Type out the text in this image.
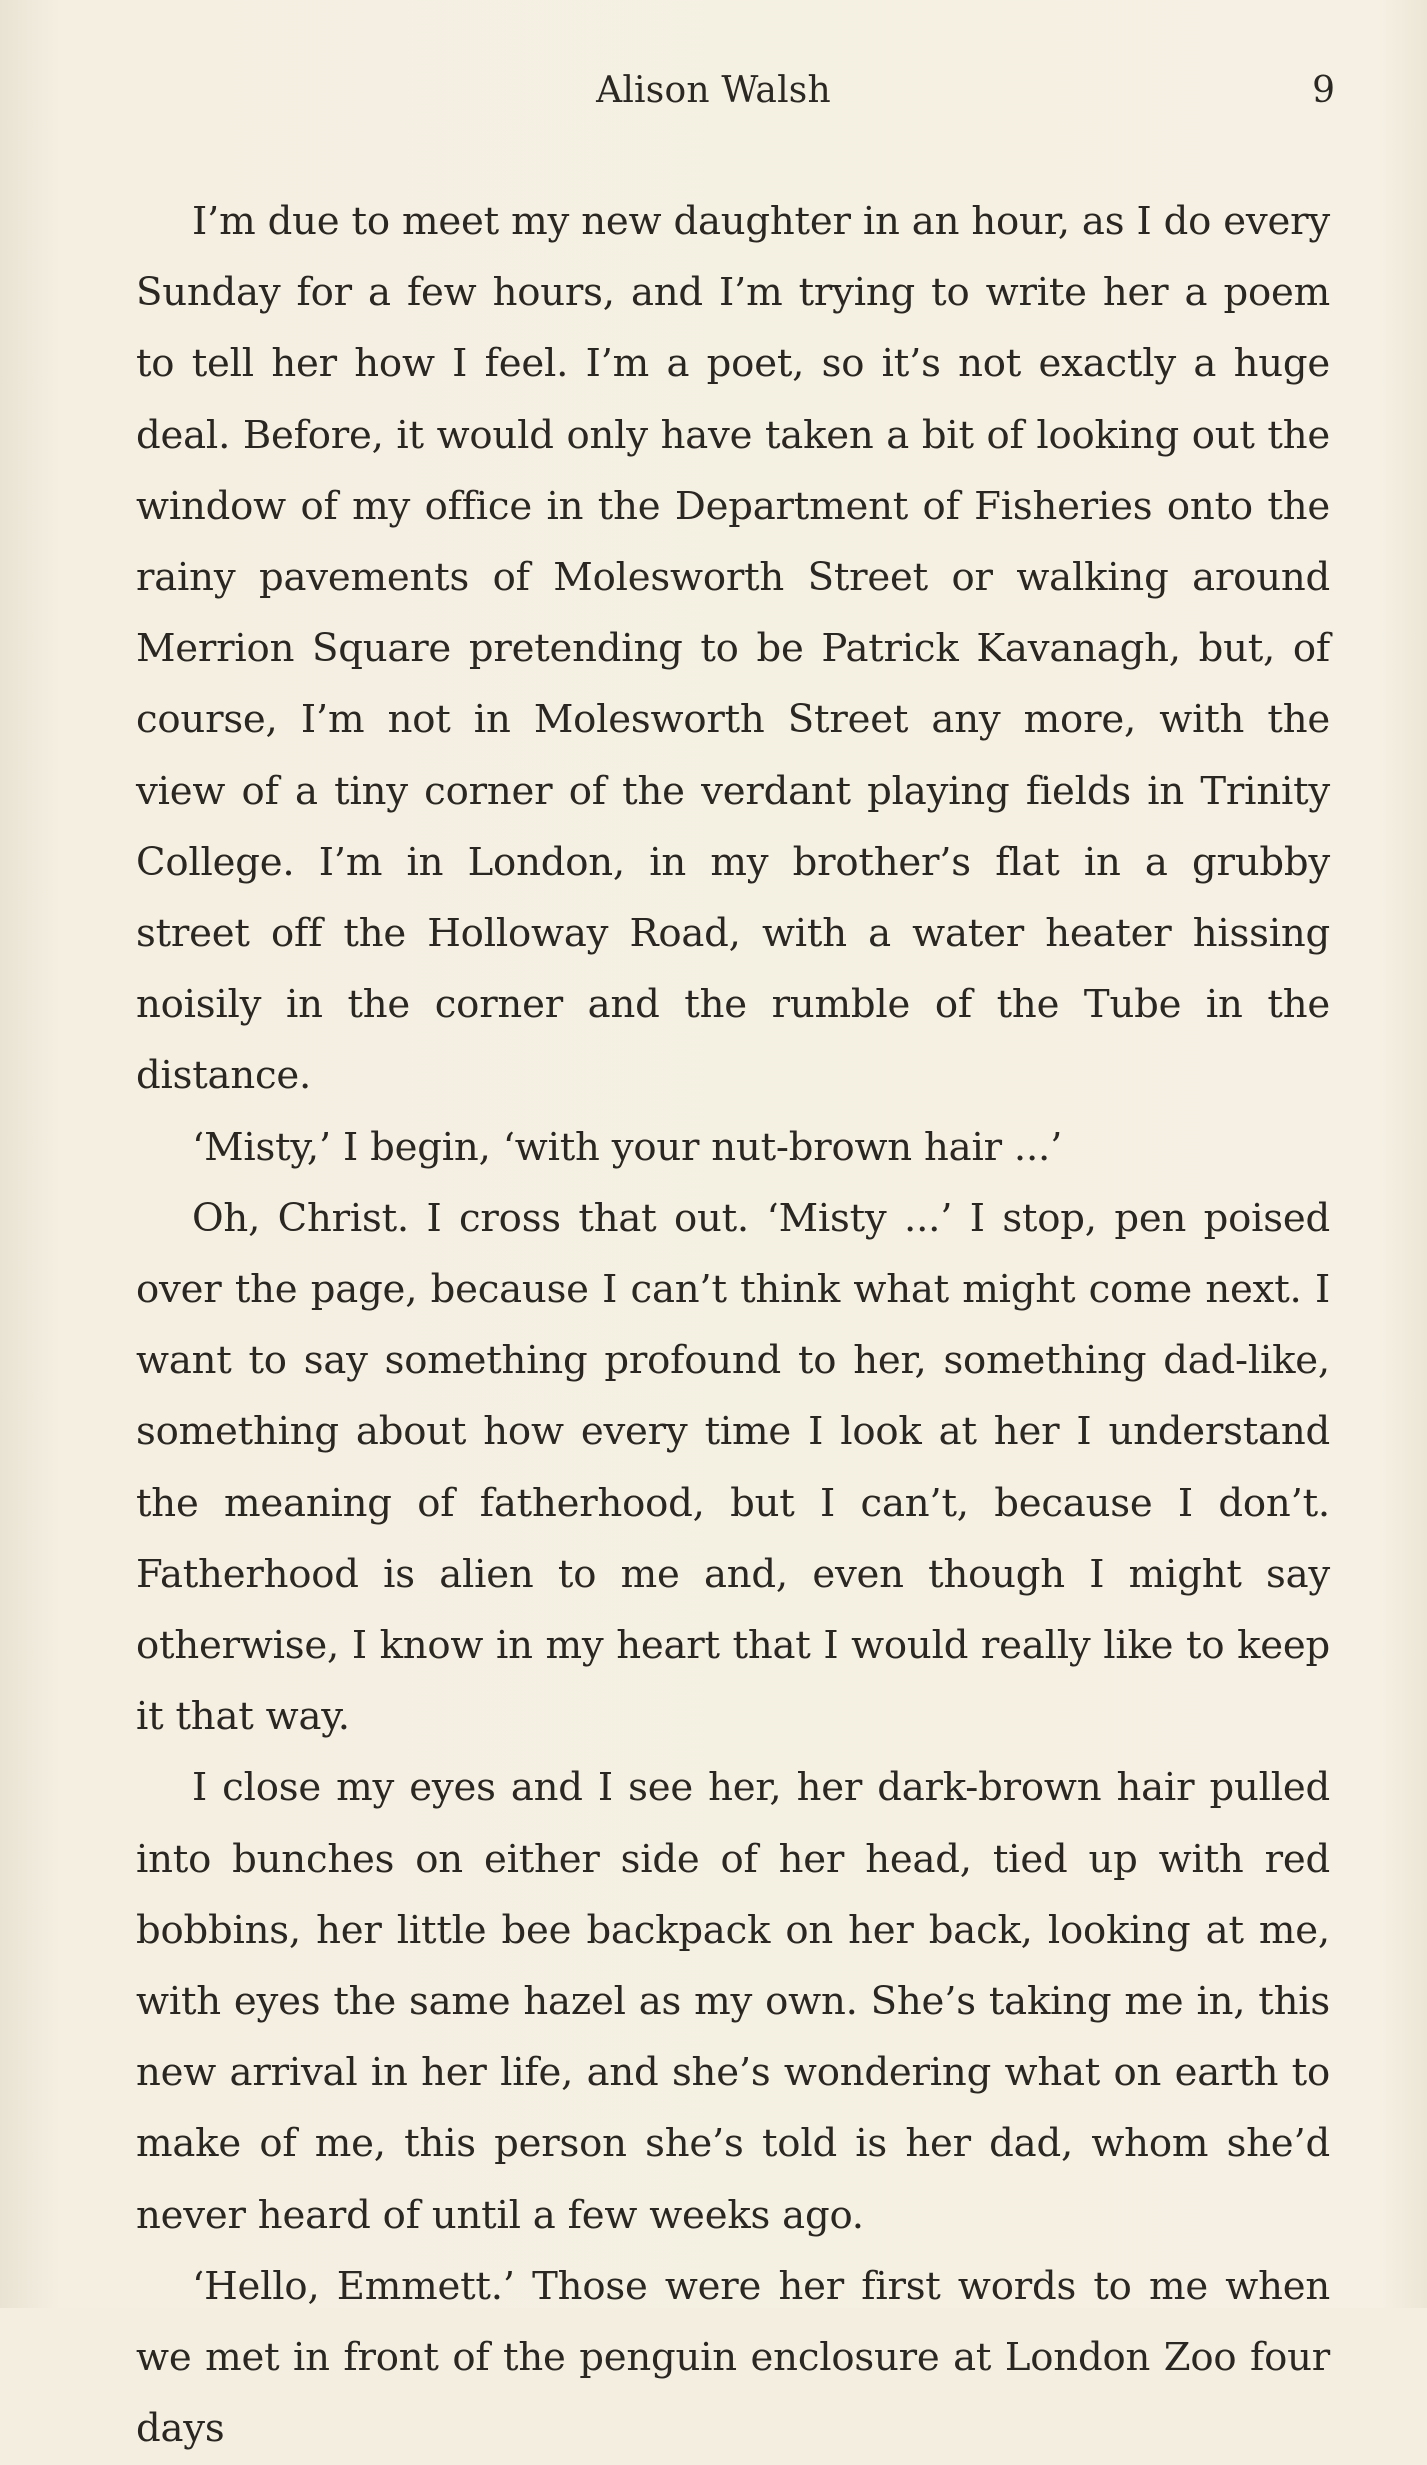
Alison Walsh	9

I’m due to meet my new daughter in an hour, as I do every Sunday for a few hours, and I’m trying to write her a poem to tell her how I feel. I’m a poet, so it’s not exactly a huge deal. Before, it would only have taken a bit of looking out the window of my office in the Department of Fisheries onto the rainy pavements of Molesworth Street or walking around Merrion Square pretending to be Patrick Kavanagh, but, of course, I’m not in Molesworth Street any more, with the view of a tiny corner of the verdant playing fields in Trinity College. I’m in London, in my brother’s flat in a grubby street off the Holloway Road, with a water heater hissing noisily in the corner and the rumble of the Tube in the distance.

‘Misty,’ I begin, ‘with your nut-brown hair ...’

Oh, Christ. I cross that out. ‘Misty ...’ I stop, pen poised over the page, because I can’t think what might come next. I want to say something profound to her, something dad-like, something about how every time I look at her I understand the meaning of fatherhood, but I can’t, because I don’t. Fatherhood is alien to me and, even though I might say otherwise, I know in my heart that I would really like to keep it that way.

I close my eyes and I see her, her dark-brown hair pulled into bunches on either side of her head, tied up with red bobbins, her little bee backpack on her back, looking at me, with eyes the same hazel as my own. She’s taking me in, this new arrival in her life, and she’s wondering what on earth to make of me, this person she’s told is her dad, whom she’d never heard of until a few weeks ago.

‘Hello, Emmett.’ Those were her first words to me when we met in front of the penguin enclosure at London Zoo four days
